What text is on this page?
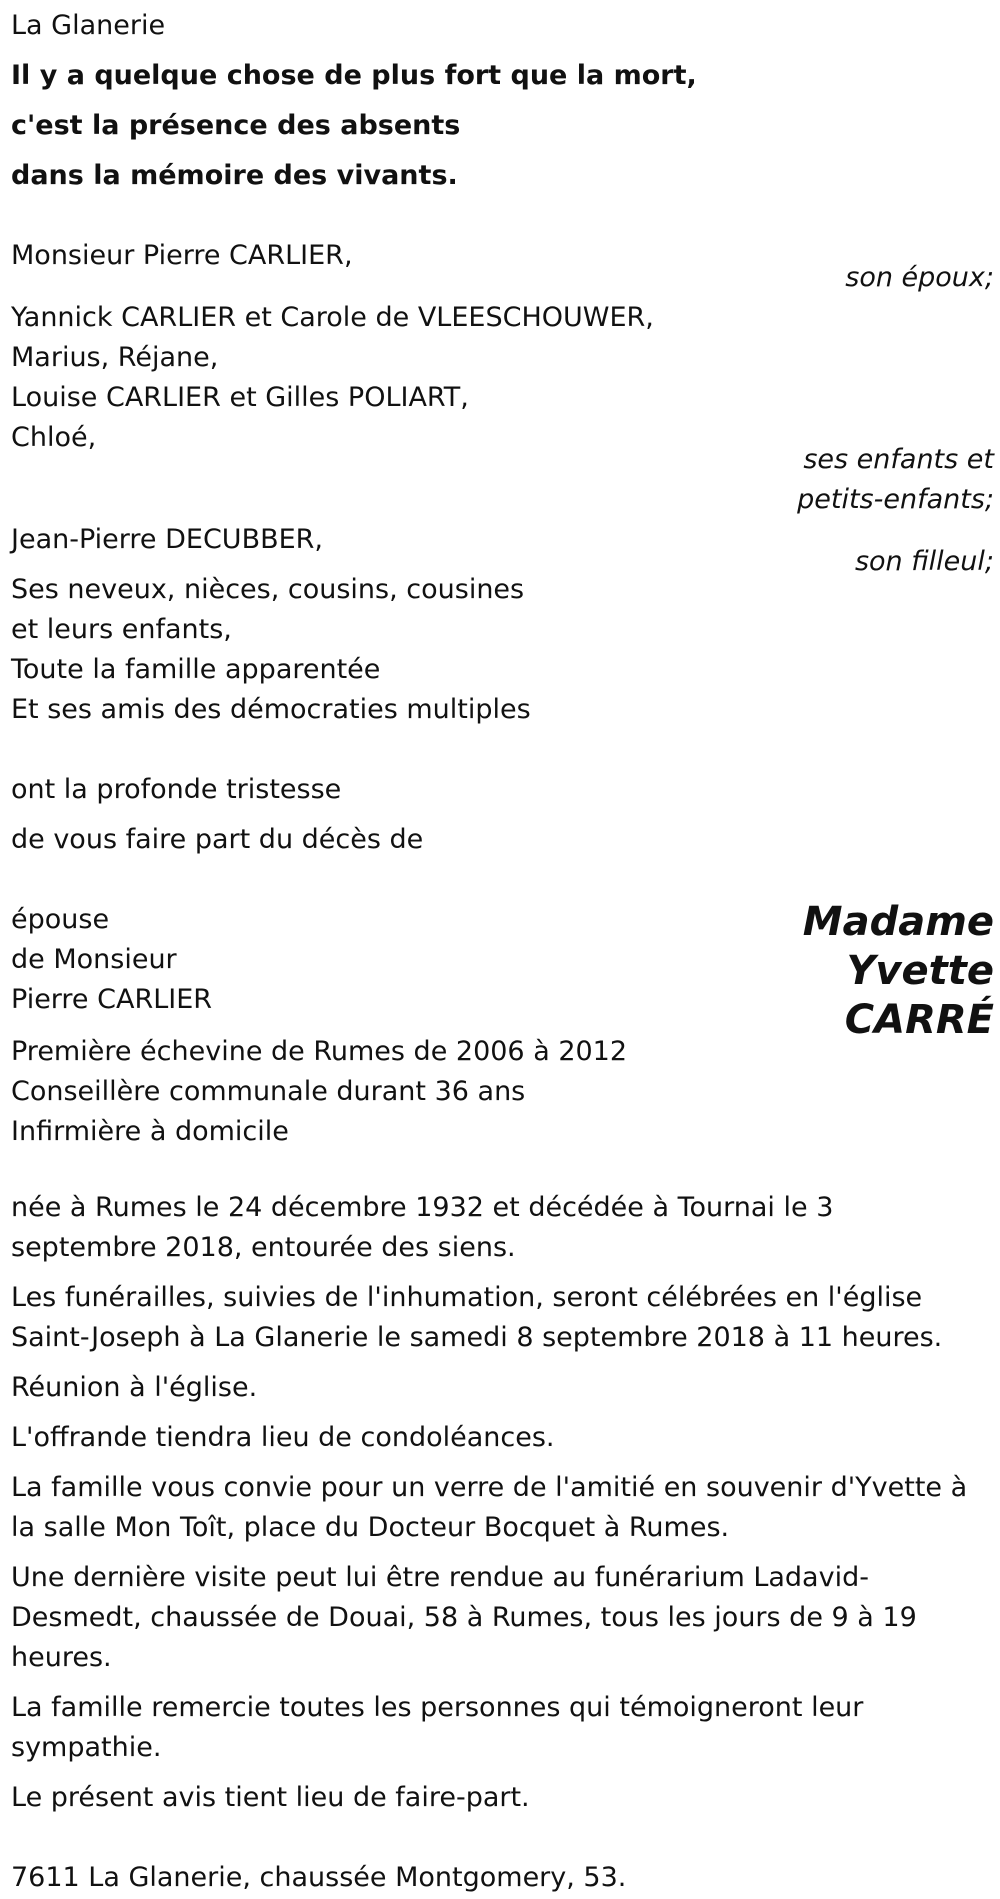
La Glanerie
Il y a quelque chose de plus fort que la mort,
c'est la présence des absents
dans la mémoire des vivants.
Monsieur Pierre CARLIER,
son époux;
Yannick CARLIER et Carole de VLEESCHOUWER,
Marius, Réjane,
Louise CARLIER et Gilles POLIART,
Chloé,
ses enfants et
petits-enfants;
Jean-Pierre DECUBBER,
son filleul;
Ses neveux, nièces, cousins, cousines
et leurs enfants,
Toute la famille apparentée
Et ses amis des démocraties multiples
ont la profonde tristesse
de vous faire part du décès de
épouse
de Monsieur
Pierre CARLIER
Madame
Yvette
CARRÉ
Première échevine de Rumes de 2006 à 2012
Conseillère communale durant 36 ans
Infirmière à domicile
née à Rumes le 24 décembre 1932 et décédée à Tournai le 3 septembre 2018, entourée des siens.
Les funérailles, suivies de l'inhumation, seront célébrées en l'église Saint-Joseph à La Glanerie le samedi 8 septembre 2018 à 11 heures.
Réunion à l'église.
L'offrande tiendra lieu de condoléances.
La famille vous convie pour un verre de l'amitié en souvenir d'Yvette à la salle Mon Toît, place du Docteur Bocquet à Rumes.
Une dernière visite peut lui être rendue au funérarium Ladavid-Desmedt, chaussée de Douai, 58 à Rumes, tous les jours de 9 à 19 heures.
La famille remercie toutes les personnes qui témoigneront leur sympathie.
Le présent avis tient lieu de faire-part.
7611 La Glanerie, chaussée Montgomery, 53.
